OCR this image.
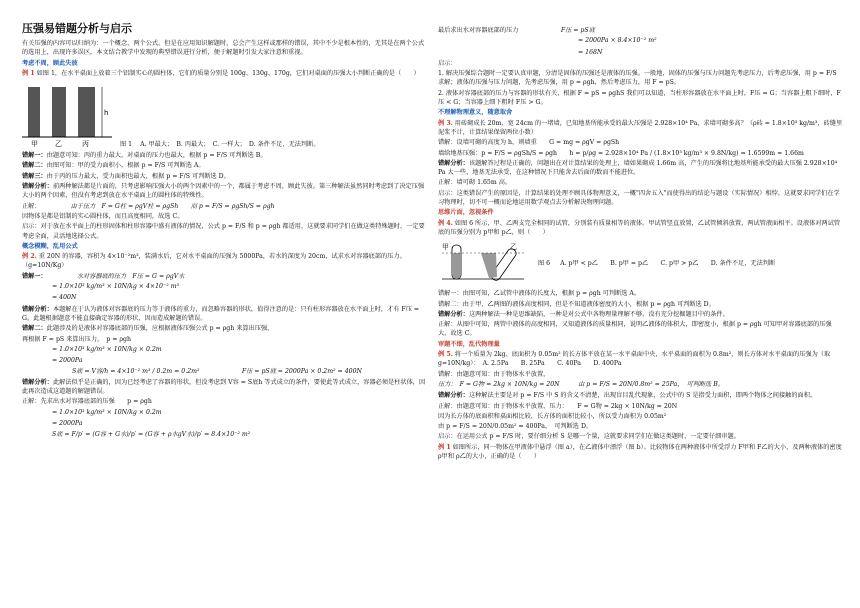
压强易错题分析与启示

有关压强的内容可以归纳为：一个概念，两个公式。但是在应用知识解题时，总会产生这样或那样的错误，其中不少是根本性的，无其是在两个公式的选用上，出现许多误区，本文结合教学中发现的典型错误进行分析，便于解题时引发大家注意和重视。

考虑不周，顾此失彼

例 1 如图 1，在水平桌面上放着三个铝制实心的圆柱体，它们的质量分别是 100g、130g、170g，它们对桌面的压强大小判断正确的是（　　）

h
甲 乙	丙	图 1 A. 甲最大；　B. 丙最大；　C. 一样大；　D. 条件不足，无法判断。

错解一：由题意可知：丙的重力最大，对桌面的压力也最大，根据 p = F/S 可判断选 B。

错解二：由图可知：甲的受力面积小，根据 p = F/S 可判断选 A。

错解三：由于丙的压力最大，受力面积也最大，根据 p = F/S 可判断选 D。

错解分析：前两种解法都是片面的，只考虑影响压强大小的两个因素中的一个，都属于考虑不周，顾此失彼。第三种解法虽然同时考虑到了决定压强大小的两个因素，但没有考虑到放在水平桌面上的圆柱体的特殊性。

正解：	由于压力　F = G柱 = ρgV柱 = ρgSh　　而 p = F/S = ρgSh/S = ρgh

因物体是都是铝制的实心圆柱体，而且高度相同，故选 C。

启示：对于放在水平面上的柱形固体和柱形容器中盛有液体的情况，公式 p = F/S 和 p = ρgh 都适用，这就要求同学们在做这类特殊题时，一定要考虑全面，灵活地选择公式。

概念模糊，乱用公式

例 2. 重 20N 的容器，容积为 4×10⁻²m³，装满水后，它对水平桌面的压强为 5000Pa，若水的深度为 20cm，试求水对容器底部的压力。（g=10N/Kg）

错解一：	水对容器底的压力　F压 = G = ρgV水

= 1.0×10³ kg/m³ × 10N/kg × 4×10⁻² m³

= 400N

错解分析：本题解在于认为液体对容器底的压力等于液体的重力，而忽略容器的形状，值得注意的是：只有柱形容器放在水平面上时，才有 F压 = G。此题根据题意不能直接确定容器的形状，因而造成解题的错误。

错解二：此题涉及的是液体对容器底部的压强，应根据液体压强公式 p = ρgh 来算出压强，

再根据 F = pS 来算出压力，　p = ρgh

= 1.0×10³ kg/m³ × 10N/kg × 0.2m

= 2000Pa

S底 = V容/h = 4×10⁻² m³ / 0.2m = 0.2m²　　	F压 = pS底 = 2000Pa × 0.2m² = 400N

错解分析：此解法似乎是正确的，因为已经考虑了容器的形状，但没考虑到 V容 = S底h 等式成立的条件，要使此等式成立，容器必须是柱状体，因此再次造成这道题的解题错误。

正解：先求出水对容器底部的压强　　p = ρgh

= 1.0×10³ kg/m³ × 10N/kg × 0.2m

= 2000Pa

S底 = F/p′ = (G容 + G水)/p′ = (G容 + ρ水gV水)/p′ = 8.4×10⁻² m²

最后求出水对容器底部的压力　　	F压 = pS底

= 2000Pa × 8.4×10⁻² m²

= 168N

启示：

1. 解决压强综合题时一定要认真审题，分清是固体的压强还是液体的压强。一般地，固体的压强与压力问题先考虑压力，后考虑压强，用 p = F/S 求解；液体的压强与压力问题，先考虑压强，用 p = ρgh，然后考虑压力，用 F = pS。

2. 液体对容器底部的压力与容器的形状有关，根据 F = pS = ρghS 我们可以知道，当柱形容器放在水平面上时，F压 = G；当容器上粗下细时，F压 < G；当容器上细下粗时 F压 > G。

不理解物理意义，随意取舍

例 3. 用砖砌成长 20m、宽 24cm 的一堵墙，已知地基所能承受的最大压强是 2.928×10⁴ Pa，求墙可砌多高？（ρ砖 = 1.8×10³ kg/m³，砖缝里泥浆不计，计算结果保留两位小数）

错解：设墙可砌的高度为 h，则墙重　　G = mg = ρgV = ρgSh

墙给地基压强：p = F/S = ρgSh/S = ρgh　　h = p/ρg = 2.928×10⁴ Pa / (1.8×10³ kg/m³ × 9.8N/kg) = 1.6599m ≈ 1.66m

错解分析：该题解答过程是正确的，问题出在对计算结果的处理上，墙如果砌成 1.66m 高，产生的压强将比地基所能承受的最大压强 2.928×10⁴ Pa 大一些，地基无法承受，在这种情况下只能舍去后面的数而不能进位。

正解：墙可砌 1.65m 高。

启示：这类错误产生的原因是，计算结果的处理不顾具体物理意义，一概"四舍五入"而使得出的结论与题设（实际情况）相悖，这就要求同学们在学习物理时，切不可一概而论地运用数学观点去分析解决物理问题。

思维片面，忽视条件

例 4. 如图 6 所示，甲、乙两支完全相同的试管，分别装有质量相等的液体。甲试管竖直放置，乙试管倾斜放置，两试管液面相平。设液体对两试管底的压强分别为 p甲和 p乙，则（　　）

甲	乙
图 6 A. p甲 < p乙　　B. p甲 = p乙　　C. p甲 > p乙　　D. 条件不足，无法判断

错解一：由图可知，乙试管中液体的长度大，根据 p = ρgh 可判断选 A。

错解二：由于甲、乙两图的液体高度相同，但是不知道液体密度的大小，根据 p = ρgh 可判断选 D。

错解分析：这两种解法一种是思维缺陷，一种是对公式中各物理量理解不够，没有充分挖掘题目中的条件。

正解：从图中可知，两管中液体的高度相同，又知道液体的质量相同，说明乙液体的体积大，即密度小，根据 p = ρgh 可知甲对容器底部的压强大，故选 C。

审题不细，乱代物理量

例 5. 将一个质量为 2kg、底面积为 0.05m² 的长方体平放在某一水平桌面中央，水平桌面的面积为 0.8m²，则长方体对水平桌面的压强为（取 g=10N/kg）：　A. 2.5Pa　　B. 25Pa　　C. 40Pa　　D. 400Pa

错解：由题意可知：由于物体水平放置，

压力：　F = G物 = 2kg × 10N/kg = 20N　　　由 p = F/S = 20N/0.8m² = 25Pa，　可判断选 B。

错解分析：这种解法主要是对 p = F/S 中 S 的含义不清楚，出现盲目乱代现象，公式中的 S 是指受力面积，即两个物体之间接触的面积。

正解：由题意可知：由于物体水平放置，压力：　　F = G物 = 2kg × 10N/kg = 20N

因为长方体的底面积和桌面相比较，长方体的面积比较小，所以受力面积为 0.05m²

由 p = F/S = 20N/0.05m² = 400Pa，　可判断选 D。

启示：在运用公式 p = F/S 时，要仔细分析 S 是哪一个量，这就要求同学们在做这类题时，一定要仔细审题。

例 1 如图所示，同一物体在甲液体中悬浮（图 a），在乙液体中漂浮（图 b）。比较物体在两种液体中所受浮力 F甲和 F乙的大小，及两种液体的密度 ρ甲和 ρ乙的大小，正确的是（　　）
